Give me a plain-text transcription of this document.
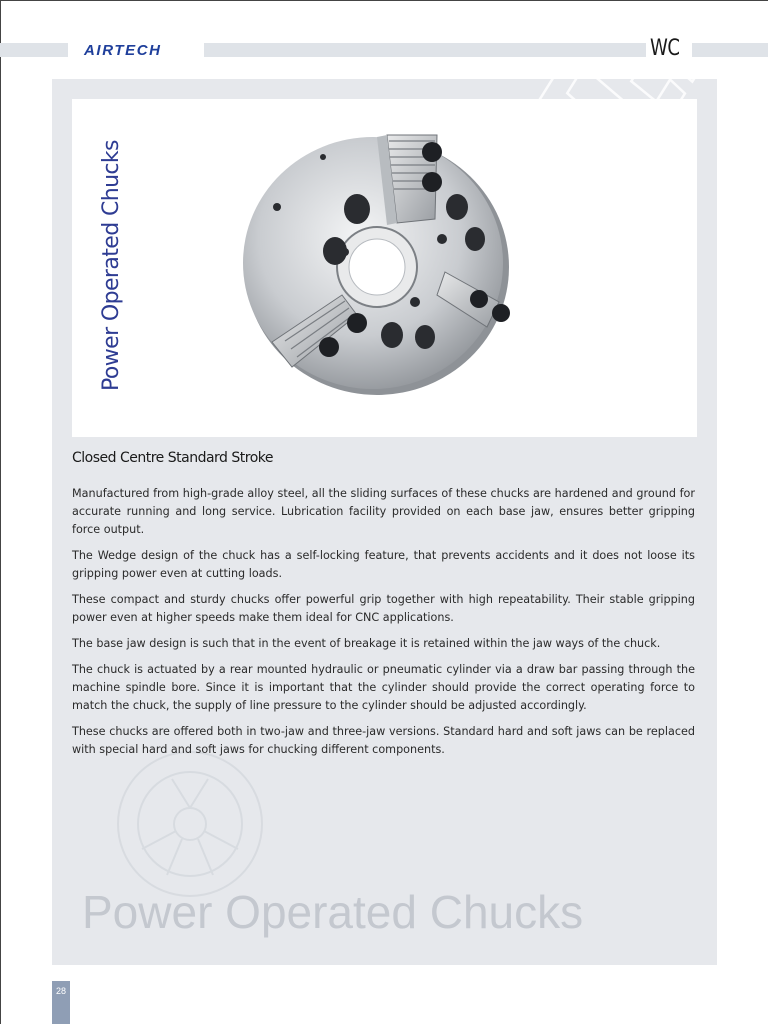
AIRTECH	WC
Power Operated Chucks
Closed Centre Standard Stroke

Manufactured from high-grade alloy steel, all the sliding surfaces of these chucks are hardened and ground for accurate running and long service. Lubrication facility provided on each base jaw, ensures better gripping force output.

The Wedge design of the chuck has a self-locking feature, that prevents accidents and it does not loose its gripping power even at cutting loads.

These compact and sturdy chucks offer powerful grip together with high repeatability. Their stable gripping power even at higher speeds make them ideal for CNC applications.

The base jaw design is such that in the event of breakage it is retained within the jaw ways of the chuck.

The chuck is actuated by a rear mounted hydraulic or pneumatic cylinder via a draw bar passing through the machine spindle bore. Since it is important that the cylinder should provide the correct operating force to match the chuck, the supply of line pressure to the cylinder should be adjusted accordingly.

These chucks are offered both in two-jaw and three-jaw versions. Standard hard and soft jaws can be replaced with special hard and soft jaws for chucking different components.

Power Operated Chucks
28
